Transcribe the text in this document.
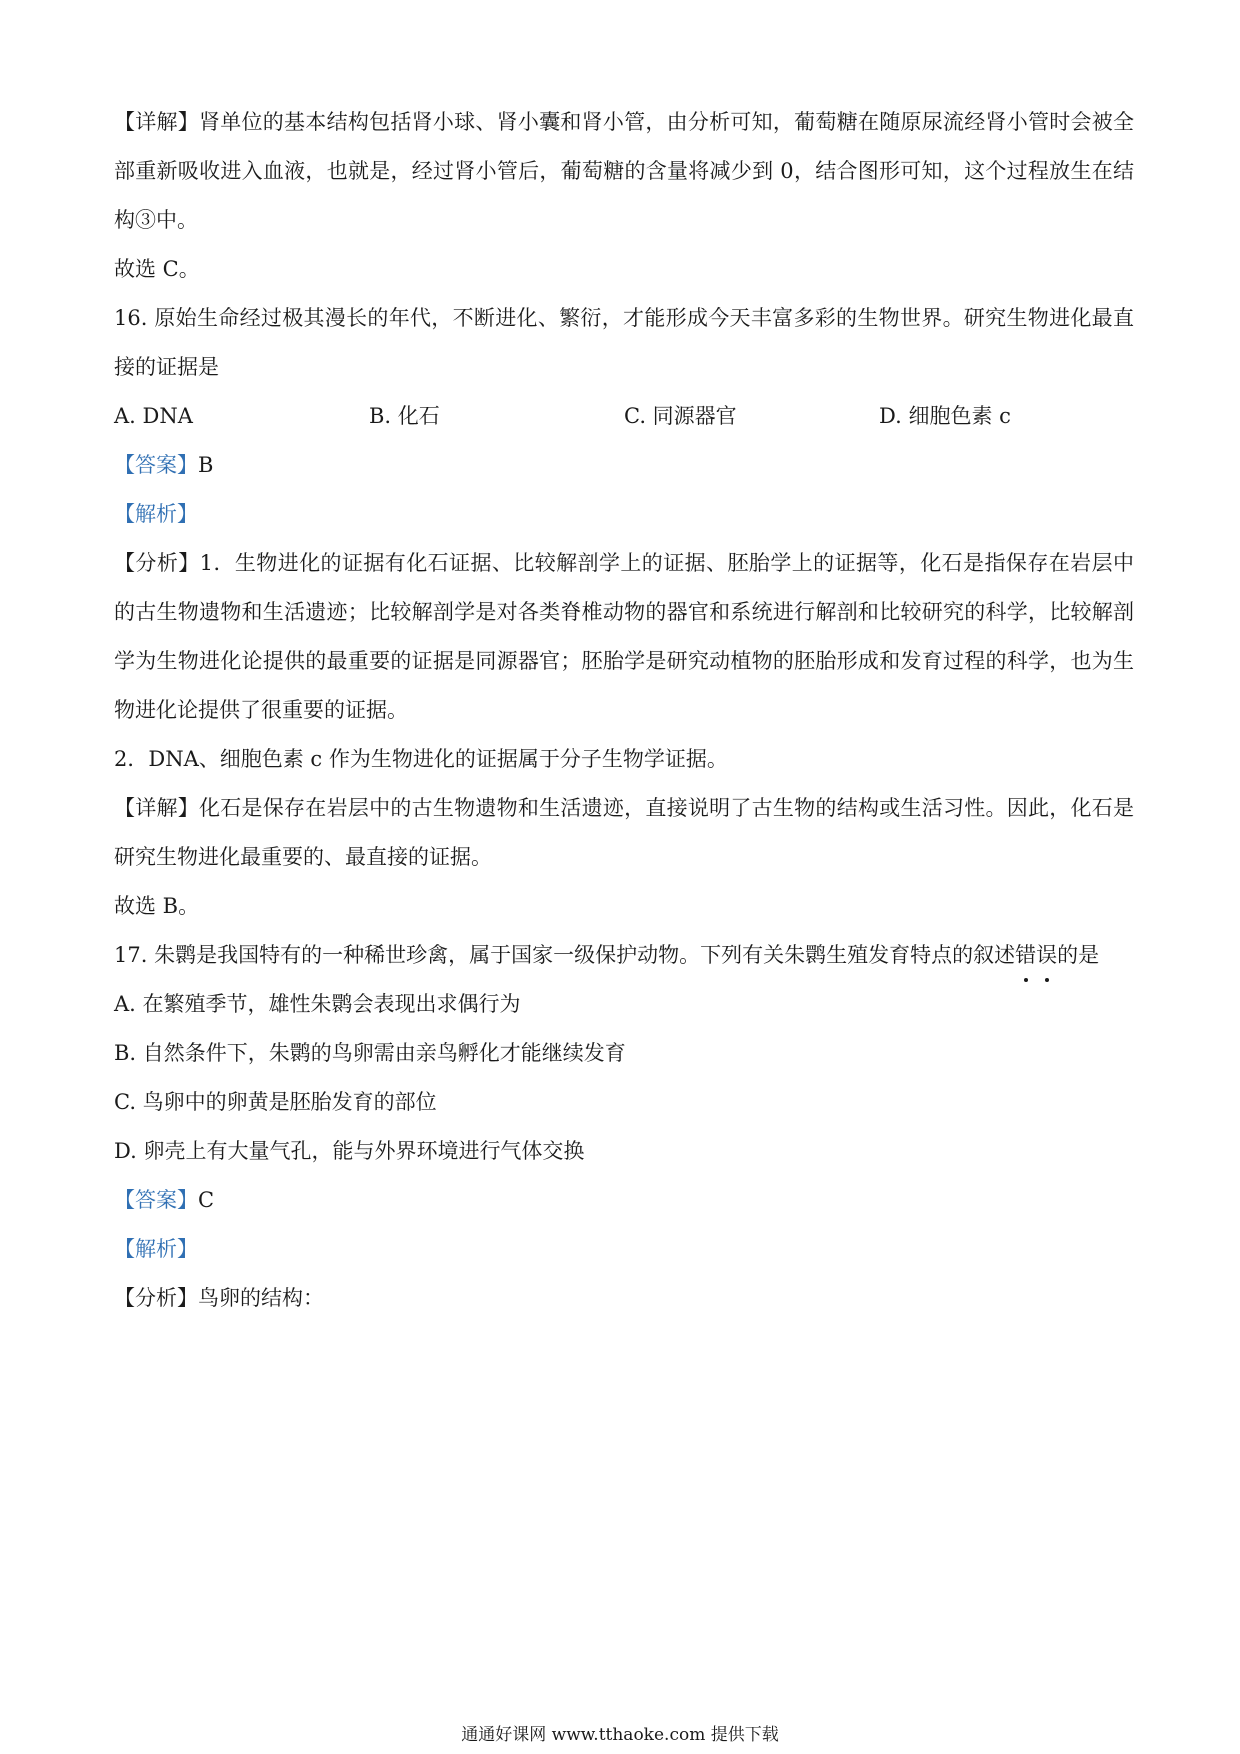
【详解】肾单位的基本结构包括肾小球、肾小囊和肾小管，由分析可知，葡萄糖在随原尿流经肾小管时会被全部重新吸收进入血液，也就是，经过肾小管后，葡萄糖的含量将减少到 0，结合图形可知，这个过程放生在结构③中。

故选 C。

16. 原始生命经过极其漫长的年代，不断进化、繁衍，才能形成今天丰富多彩的生物世界。研究生物进化最直接的证据是

A. DNA	B. 化石	C. 同源器官	D. 细胞色素 c

【答案】B

【解析】

【分析】1．生物进化的证据有化石证据、比较解剖学上的证据、胚胎学上的证据等，化石是指保存在岩层中的古生物遗物和生活遗迹；比较解剖学是对各类脊椎动物的器官和系统进行解剖和比较研究的科学，比较解剖学为生物进化论提供的最重要的证据是同源器官；胚胎学是研究动植物的胚胎形成和发育过程的科学，也为生物进化论提供了很重要的证据。

2．DNA、细胞色素 c 作为生物进化的证据属于分子生物学证据。

【详解】化石是保存在岩层中的古生物遗物和生活遗迹，直接说明了古生物的结构或生活习性。因此，化石是研究生物进化最重要的、最直接的证据。

故选 B。

17. 朱鹮是我国特有的一种稀世珍禽，属于国家一级保护动物。下列有关朱鹮生殖发育特点的叙述错误的是

A. 在繁殖季节，雄性朱鹮会表现出求偶行为

B. 自然条件下，朱鹮的鸟卵需由亲鸟孵化才能继续发育

C. 鸟卵中的卵黄是胚胎发育的部位

D. 卵壳上有大量气孔，能与外界环境进行气体交换

【答案】C

【解析】

【分析】鸟卵的结构：

通通好课网 www.tthaoke.com 提供下载
